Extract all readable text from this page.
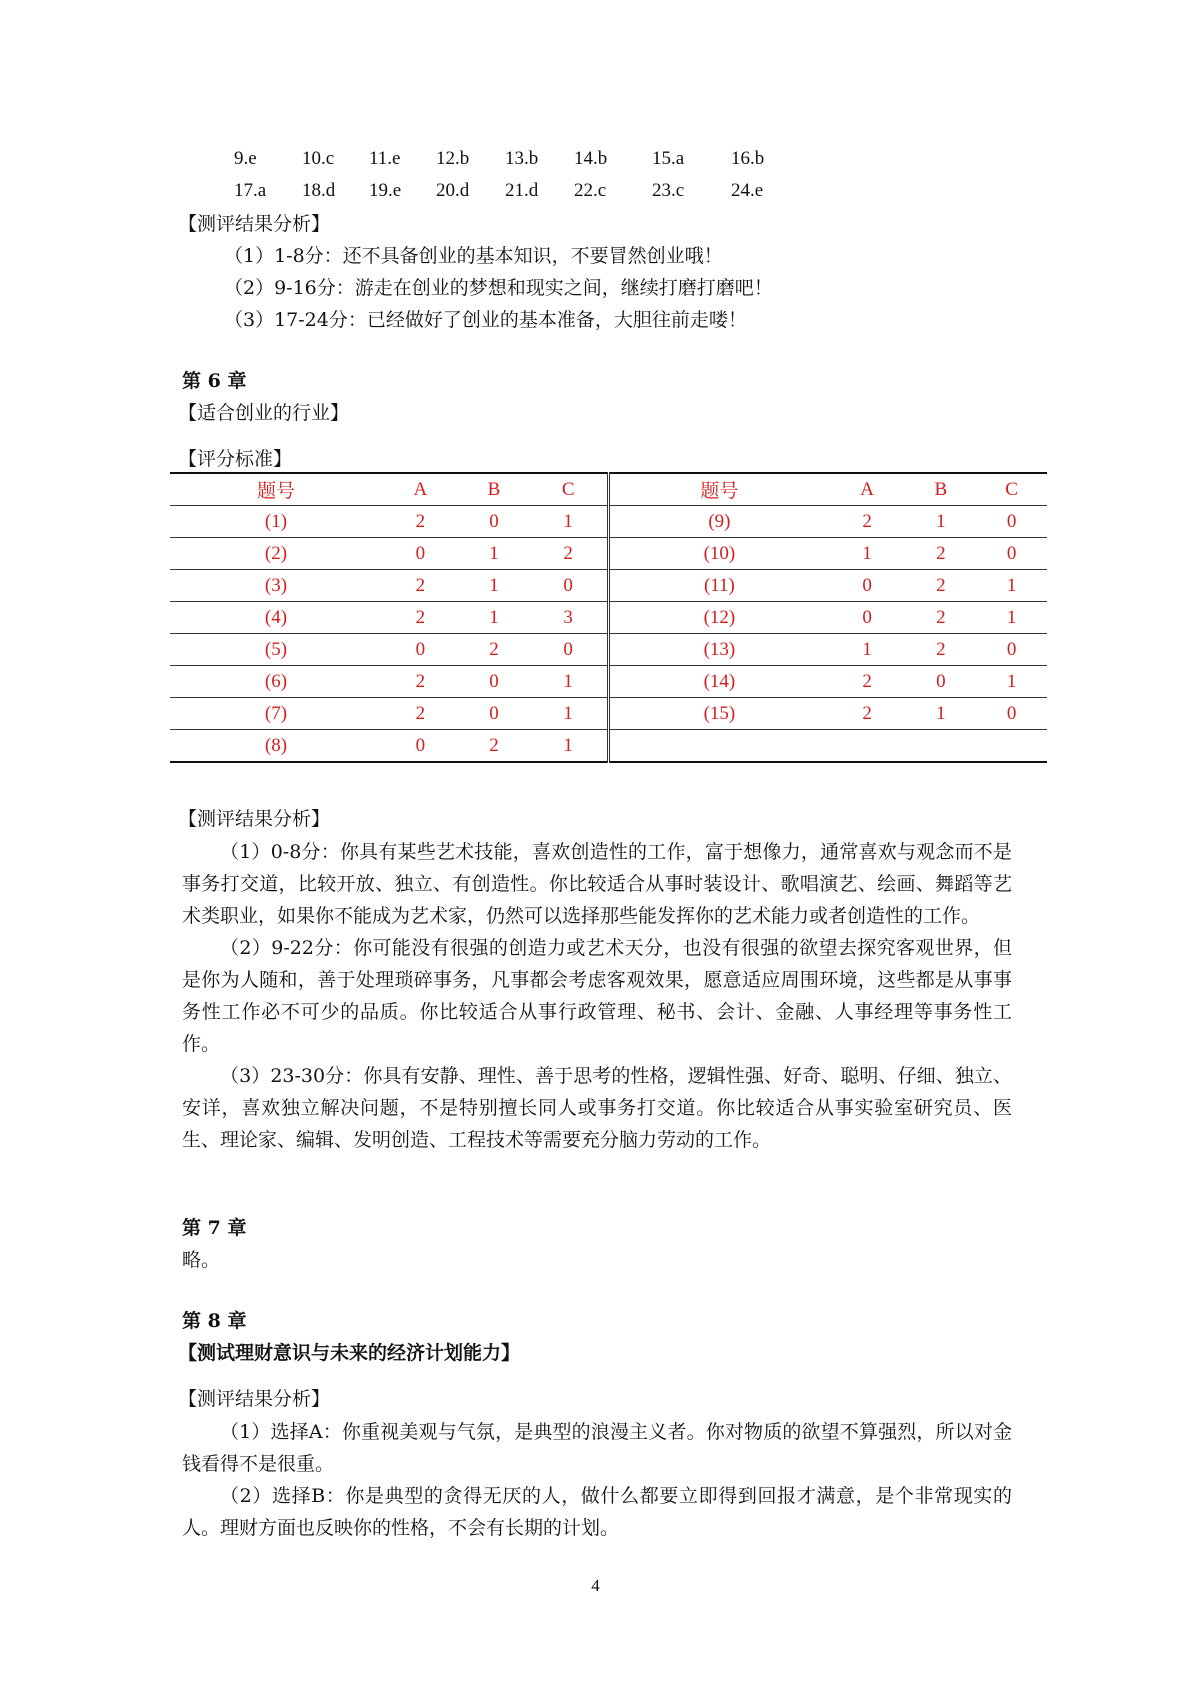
9.e 10.c 11.e 12.b 13.b 14.b 15.a 16.b
17.a 18.d 19.e 20.d 21.d 22.c 23.c 24.e
【测评结果分析】
（1）1-8分：还不具备创业的基本知识，不要冒然创业哦！
（2）9-16分：游走在创业的梦想和现实之间，继续打磨打磨吧！
（3）17-24分：已经做好了创业的基本准备，大胆往前走喽！
第 6 章
【适合创业的行业】
【评分标准】
题号	A	B	C	题号	A	B	C
(1)	2	0	1	(9)	2	1	0
(2)	0	1	2	(10)	1	2	0
(3)	2	1	0	(11)	0	2	1
(4)	2	1	3	(12)	0	2	1
(5)	0	2	0	(13)	1	2	0
(6)	2	0	1	(14)	2	0	1
(7)	2	0	1	(15)	2	1	0
(8)	0	2	1				
【测评结果分析】

（1）0-8分：你具有某些艺术技能，喜欢创造性的工作，富于想像力，通常喜欢与观念而不是事务打交道，比较开放、独立、有创造性。你比较适合从事时装设计、歌唱演艺、绘画、舞蹈等艺术类职业，如果你不能成为艺术家，仍然可以选择那些能发挥你的艺术能力或者创造性的工作。

（2）9-22分：你可能没有很强的创造力或艺术天分，也没有很强的欲望去探究客观世界，但是你为人随和，善于处理琐碎事务，凡事都会考虑客观效果，愿意适应周围环境，这些都是从事事务性工作必不可少的品质。你比较适合从事行政管理、秘书、会计、金融、人事经理等事务性工作。

（3）23-30分：你具有安静、理性、善于思考的性格，逻辑性强、好奇、聪明、仔细、独立、安详，喜欢独立解决问题，不是特别擅长同人或事务打交道。你比较适合从事实验室研究员、医生、理论家、编辑、发明创造、工程技术等需要充分脑力劳动的工作。

第 7 章
略。
第 8 章
【测试理财意识与未来的经济计划能力】
【测评结果分析】

（1）选择A：你重视美观与气氛，是典型的浪漫主义者。你对物质的欲望不算强烈，所以对金钱看得不是很重。

（2）选择B：你是典型的贪得无厌的人，做什么都要立即得到回报才满意，是个非常现实的人。理财方面也反映你的性格，不会有长期的计划。

4
